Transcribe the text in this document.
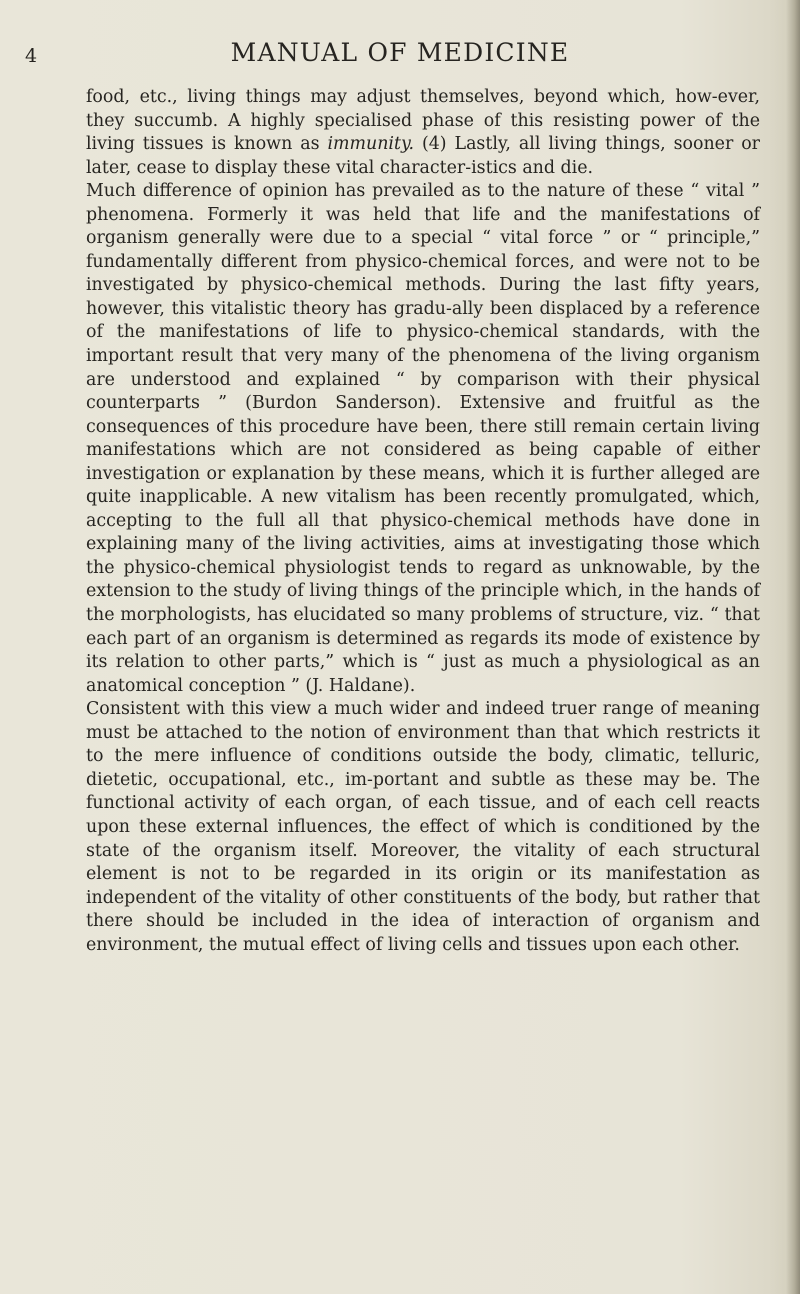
4	MANUAL OF MEDICINE

food, etc., living things may adjust themselves, beyond which, how-ever, they succumb. A highly specialised phase of this resisting power of the living tissues is known as immunity. (4) Lastly, all living things, sooner or later, cease to display these vital character-istics and die.

Much difference of opinion has prevailed as to the nature of these “ vital ” phenomena. Formerly it was held that life and the manifestations of organism generally were due to a special “ vital force ” or “ principle,” fundamentally different from physico-chemical forces, and were not to be investigated by physico-chemical methods. During the last fifty years, however, this vitalistic theory has gradu-ally been displaced by a reference of the manifestations of life to physico-chemical standards, with the important result that very many of the phenomena of the living organism are understood and explained “ by comparison with their physical counterparts ” (Burdon Sanderson). Extensive and fruitful as the consequences of this procedure have been, there still remain certain living manifestations which are not considered as being capable of either investigation or explanation by these means, which it is further alleged are quite inapplicable. A new vitalism has been recently promulgated, which, accepting to the full all that physico-chemical methods have done in explaining many of the living activities, aims at investigating those which the physico-chemical physiologist tends to regard as unknowable, by the extension to the study of living things of the principle which, in the hands of the morphologists, has elucidated so many problems of structure, viz. “ that each part of an organism is determined as regards its mode of existence by its relation to other parts,” which is “ just as much a physiological as an anatomical conception ” (J. Haldane).

Consistent with this view a much wider and indeed truer range of meaning must be attached to the notion of environment than that which restricts it to the mere influence of conditions outside the body, climatic, telluric, dietetic, occupational, etc., im-portant and subtle as these may be. The functional activity of each organ, of each tissue, and of each cell reacts upon these external influences, the effect of which is conditioned by the state of the organism itself. Moreover, the vitality of each structural element is not to be regarded in its origin or its manifestation as independent of the vitality of other constituents of the body, but rather that there should be included in the idea of interaction of organism and environment, the mutual effect of living cells and tissues upon each other.
